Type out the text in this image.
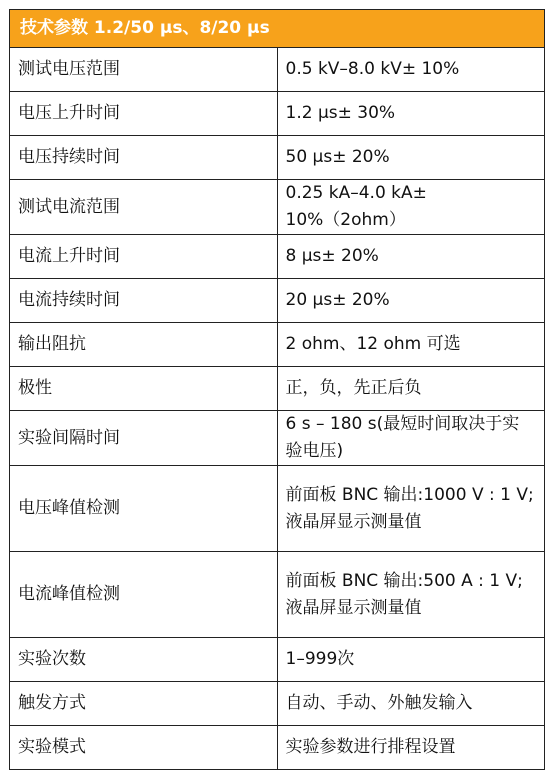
技术参数 1.2/50 µs、8/20 µs	
测试电压范围	0.5 kV–8.0 kV± 10%
电压上升时间	1.2 µs± 30%
电压持续时间	50 µs± 20%
测试电流范围	0.25 kA–4.0 kA± 10%（2ohm）
电流上升时间	8 µs± 20%
电流持续时间	20 µs± 20%
输出阻抗	2 ohm、12 ohm 可选
极性	正，负，先正后负
实验间隔时间	6 s – 180 s(最短时间取决于实验电压)
电压峰值检测	前面板 BNC 输出:1000 V : 1 V; 液晶屏显示测量值
电流峰值检测	前面板 BNC 输出:500 A : 1 V; 液晶屏显示测量值
实验次数	1–999次
触发方式	自动、手动、外触发输入
实验模式	实验参数进行排程设置
